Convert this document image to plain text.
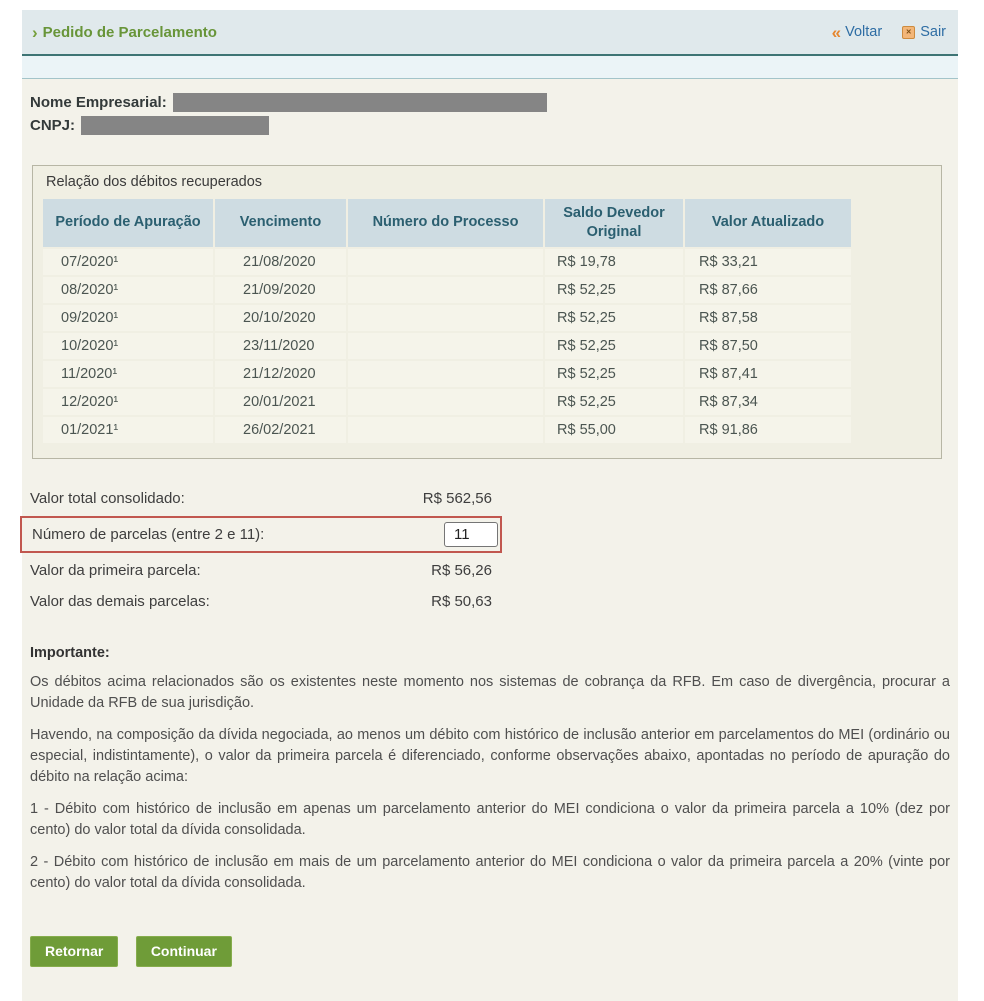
› Pedido de Parcelamento	« Voltar	✕ Sair
Nome Empresarial:
CNPJ:
Relação dos débitos recuperados
Período de Apuração	Vencimento	Número do Processo	Saldo Devedor Original	Valor Atualizado
07/2020¹	21/08/2020		R$ 19,78	R$ 33,21
08/2020¹	21/09/2020		R$ 52,25	R$ 87,66
09/2020¹	20/10/2020		R$ 52,25	R$ 87,58
10/2020¹	23/11/2020		R$ 52,25	R$ 87,50
11/2020¹	21/12/2020		R$ 52,25	R$ 87,41
12/2020¹	20/01/2021		R$ 52,25	R$ 87,34
01/2021¹	26/02/2021		R$ 55,00	R$ 91,86
Valor total consolidado:	R$ 562,56
Número de parcelas (entre 2 e 11):
11
Valor da primeira parcela:	R$ 56,26
Valor das demais parcelas:	R$ 50,63
Importante:

Os débitos acima relacionados são os existentes neste momento nos sistemas de cobrança da RFB. Em caso de divergência, procurar a Unidade da RFB de sua jurisdição.

Havendo, na composição da dívida negociada, ao menos um débito com histórico de inclusão anterior em parcelamentos do MEI (ordinário ou especial, indistintamente), o valor da primeira parcela é diferenciado, conforme observações abaixo, apontadas no período de apuração do débito na relação acima:

1 - Débito com histórico de inclusão em apenas um parcelamento anterior do MEI condiciona o valor da primeira parcela a 10% (dez por cento) do valor total da dívida consolidada.

2 - Débito com histórico de inclusão em mais de um parcelamento anterior do MEI condiciona o valor da primeira parcela a 20% (vinte por cento) do valor total da dívida consolidada.

Retornar	Continuar
